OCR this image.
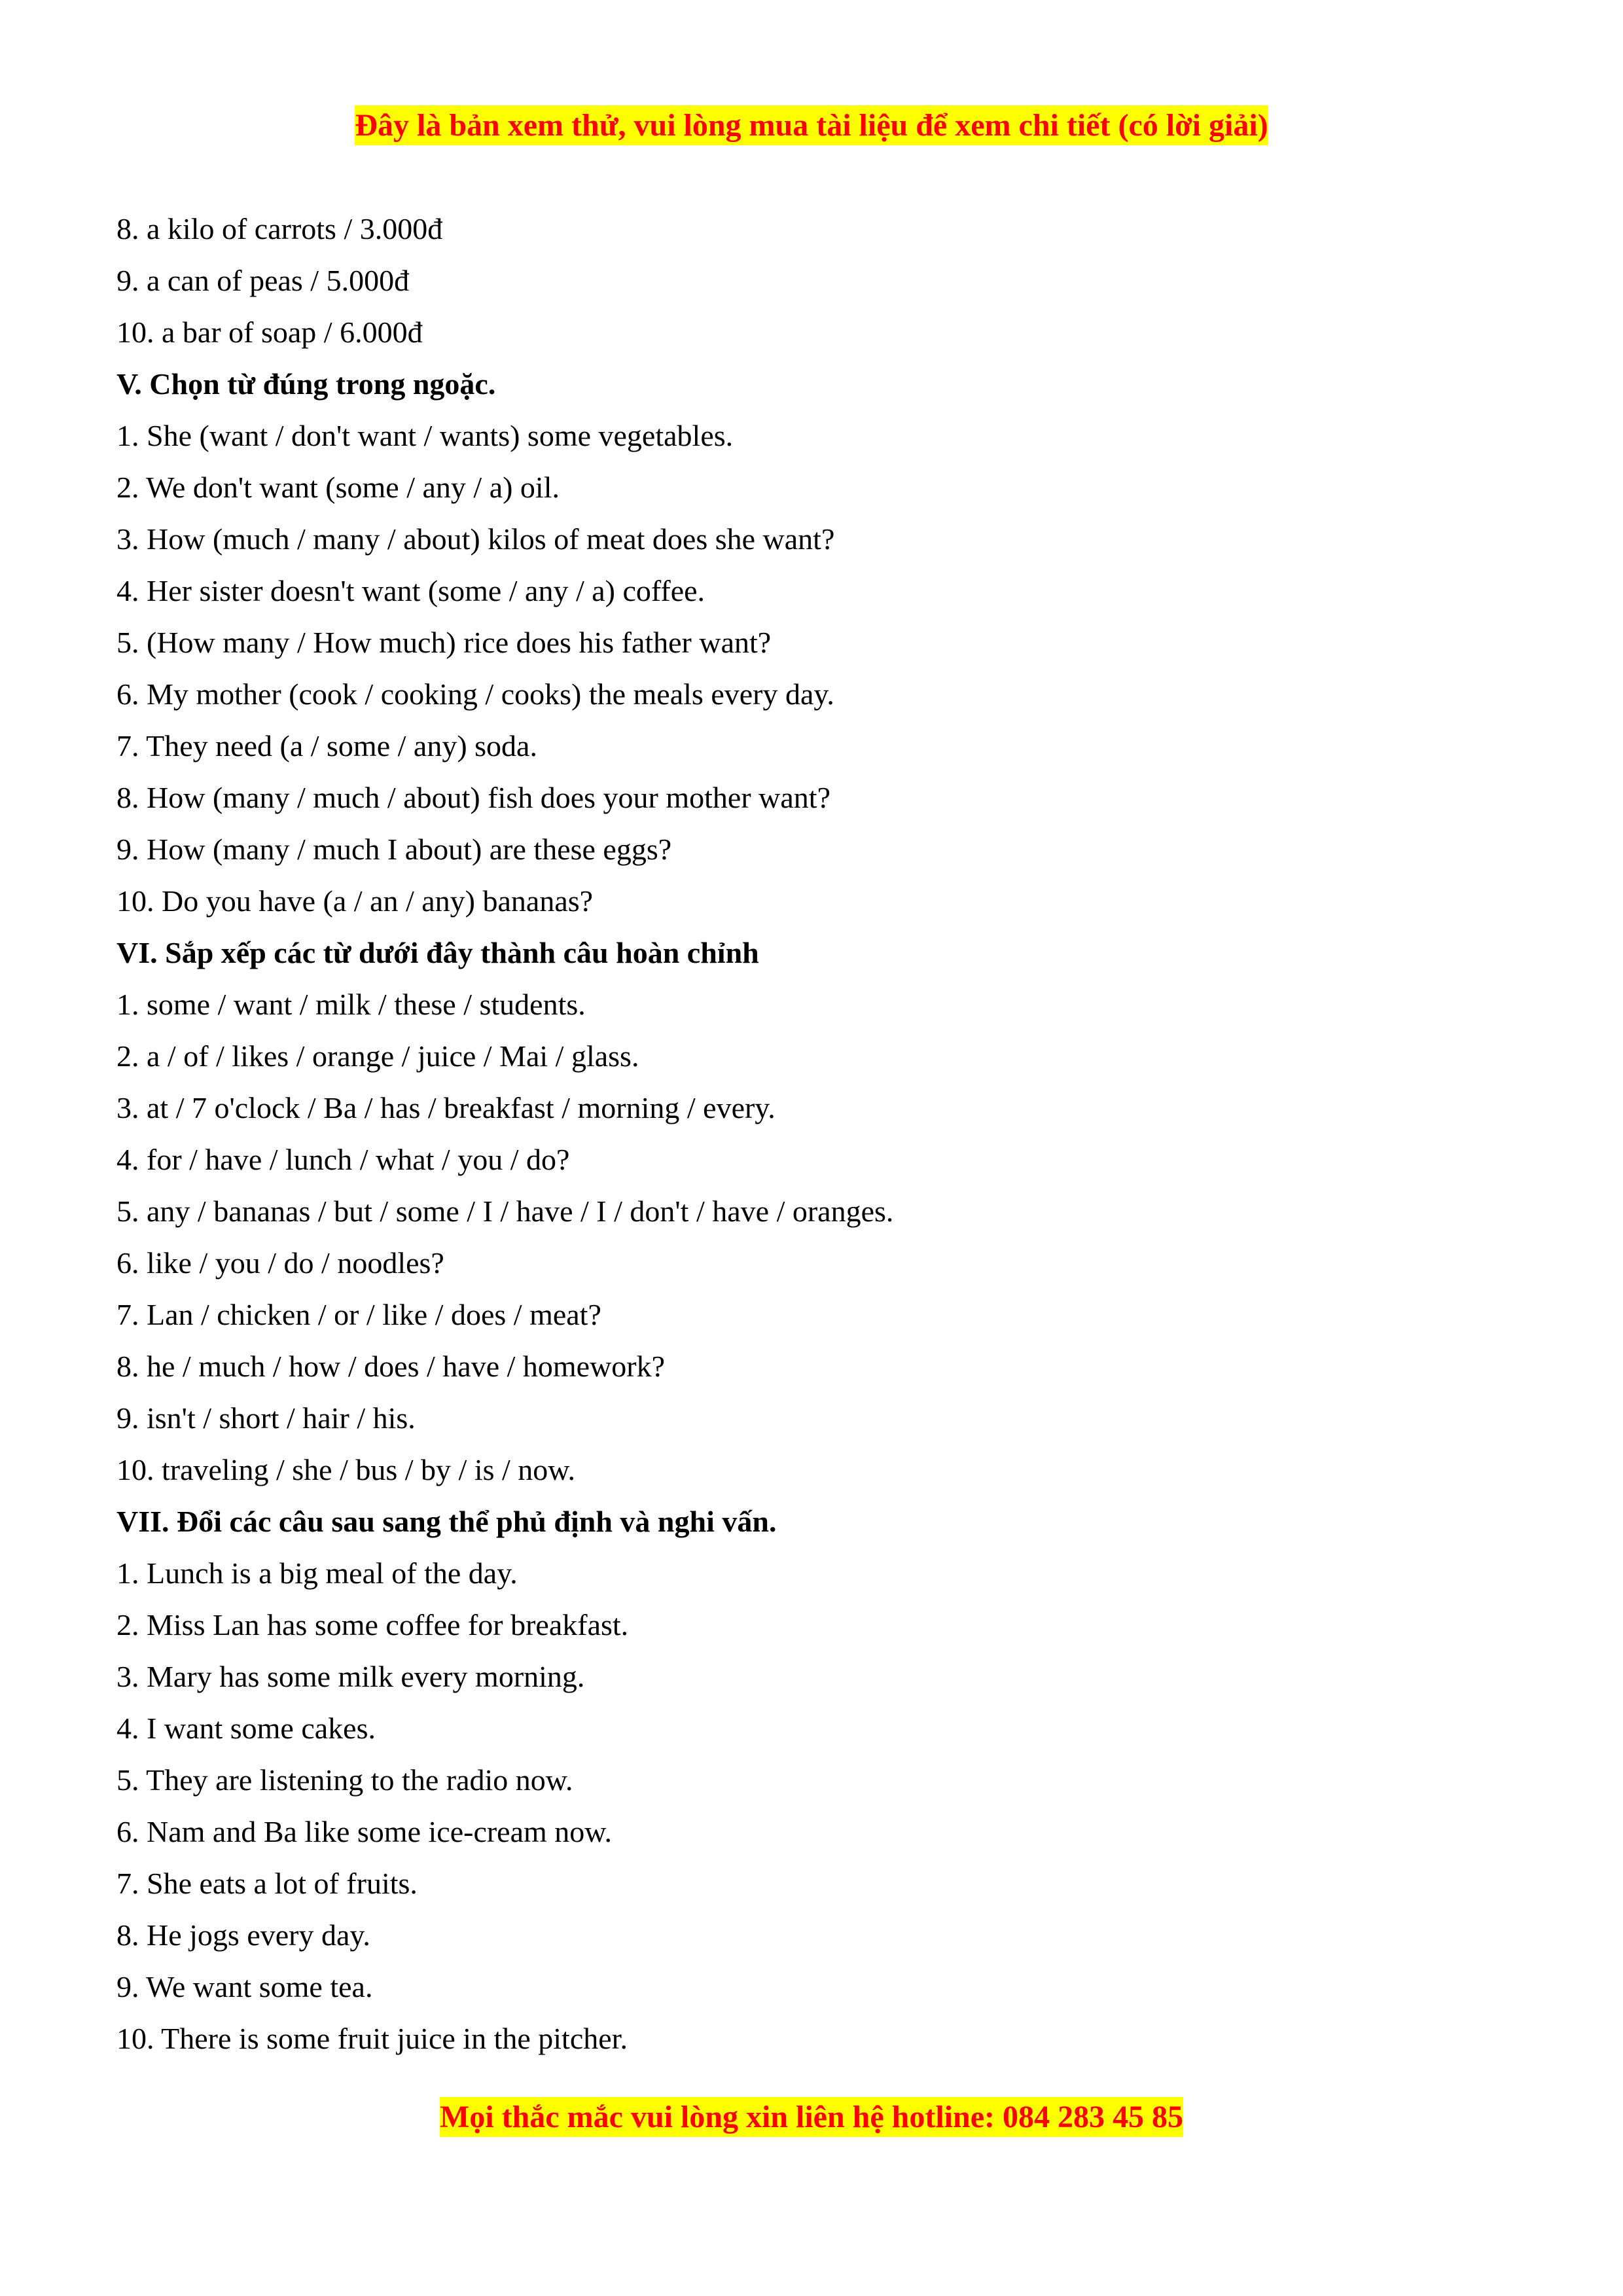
Đây là bản xem thử, vui lòng mua tài liệu để xem chi tiết (có lời giải)
8. a kilo of carrots / 3.000đ
9. a can of peas / 5.000đ
10. a bar of soap / 6.000đ
V. Chọn từ đúng trong ngoặc.
1. She (want / don't want / wants) some vegetables.
2. We don't want (some / any / a) oil.
3. How (much / many / about) kilos of meat does she want?
4. Her sister doesn't want (some / any / a) coffee.
5. (How many / How much) rice does his father want?
6. My mother (cook / cooking / cooks) the meals every day.
7. They need (a / some / any) soda.
8. How (many / much / about) fish does your mother want?
9. How (many / much I about) are these eggs?
10. Do you have (a / an / any) bananas?
VI. Sắp xếp các từ dưới đây thành câu hoàn chỉnh
1. some / want / milk / these / students.
2. a / of / likes / orange / juice / Mai / glass.
3. at / 7 o'clock / Ba / has / breakfast / morning / every.
4. for / have / lunch / what / you / do?
5. any / bananas / but / some / I / have / I / don't / have / oranges.
6. like / you / do / noodles?
7. Lan / chicken / or / like / does / meat?
8. he / much / how / does / have / homework?
9. isn't / short / hair / his.
10. traveling / she / bus / by / is / now.
VII. Đổi các câu sau sang thể phủ định và nghi vấn.
1. Lunch is a big meal of the day.
2. Miss Lan has some coffee for breakfast.
3. Mary has some milk every morning.
4. I want some cakes.
5. They are listening to the radio now.
6. Nam and Ba like some ice-cream now.
7. She eats a lot of fruits.
8. He jogs every day.
9. We want some tea.
10. There is some fruit juice in the pitcher.
Mọi thắc mắc vui lòng xin liên hệ hotline: 084 283 45 85
